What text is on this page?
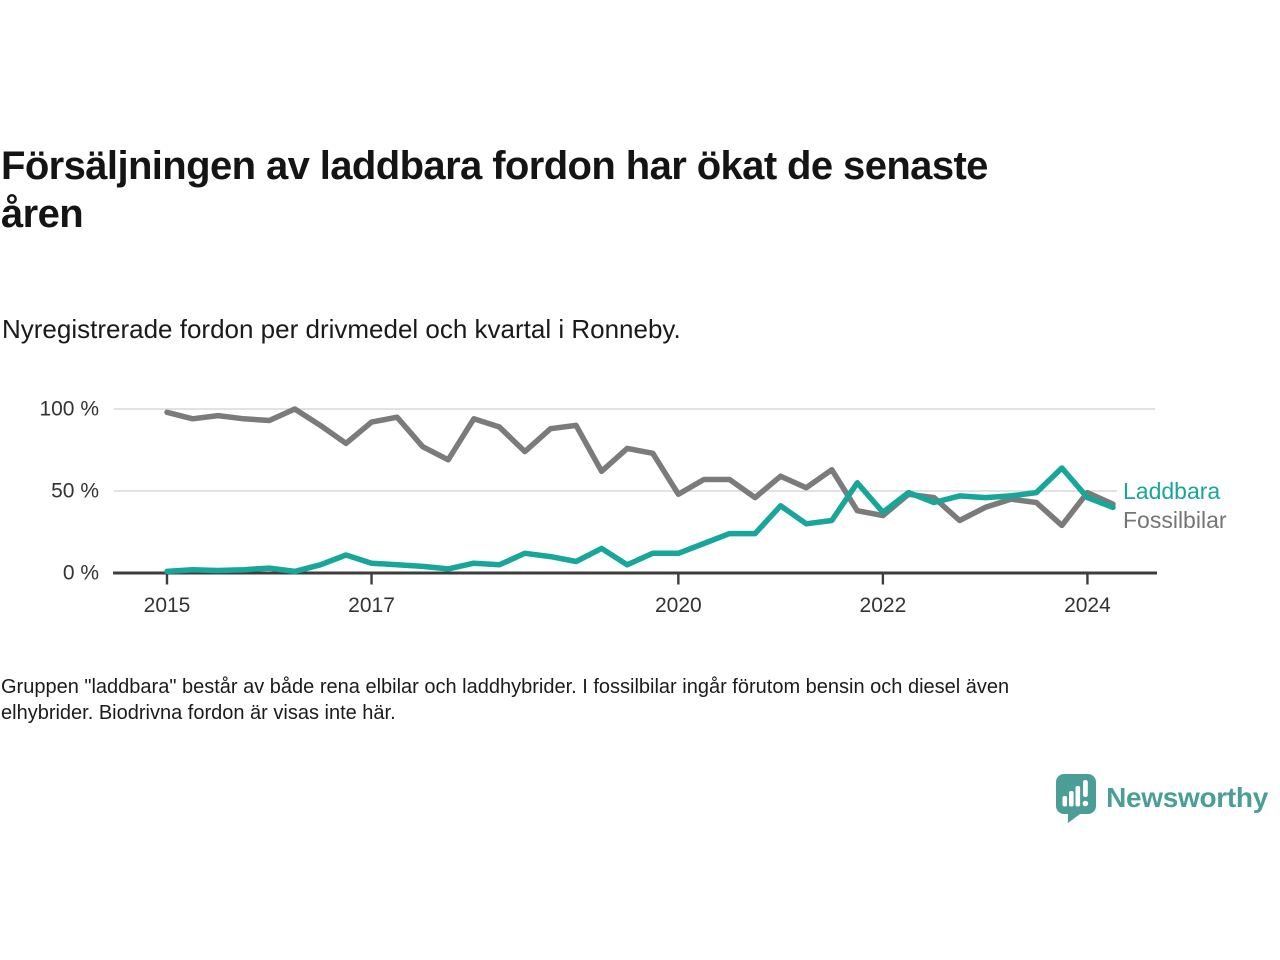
Försäljningen av laddbara fordon har ökat de senaste
åren
Nyregistrerade fordon per drivmedel och kvartal i Ronneby.
100 %
50 %
0 %
2015	2017	2020	2022	2024
Laddbara
Fossilbilar
Gruppen "laddbara" består av både rena elbilar och laddhybrider. I fossilbilar ingår förutom bensin och diesel även
elhybrider. Biodrivna fordon är visas inte här.
Newsworthy
